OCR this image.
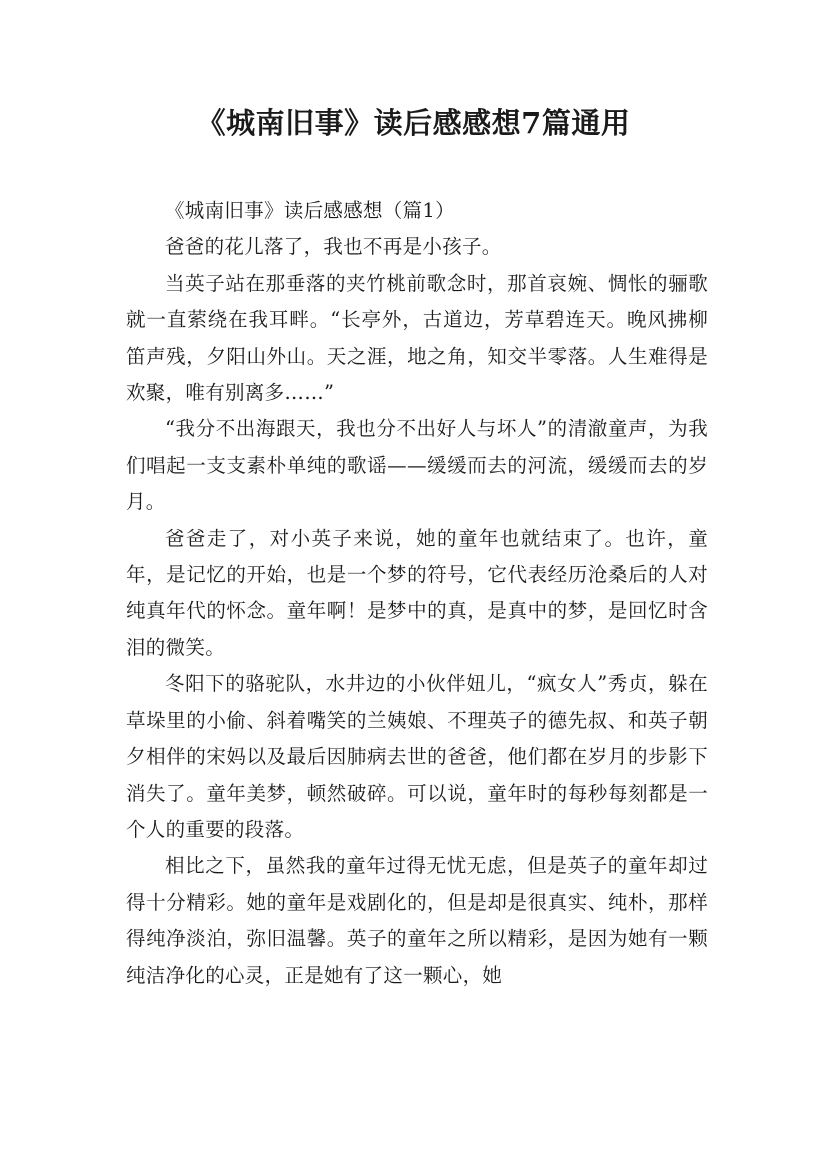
《城南旧事》读后感感想7篇通用
《城南旧事》读后感感想（篇1）

爸爸的花儿落了，我也不再是小孩子。

当英子站在那垂落的夹竹桃前歌念时，那首哀婉、惆怅的骊歌就一直萦绕在我耳畔。“长亭外，古道边，芳草碧连天。晚风拂柳笛声残，夕阳山外山。天之涯，地之角，知交半零落。人生难得是欢聚，唯有别离多……”

“我分不出海跟天，我也分不出好人与坏人”的清澈童声，为我们唱起一支支素朴单纯的歌谣——缓缓而去的河流，缓缓而去的岁月。

爸爸走了，对小英子来说，她的童年也就结束了。也许，童年，是记忆的开始，也是一个梦的符号，它代表经历沧桑后的人对纯真年代的怀念。童年啊！是梦中的真，是真中的梦，是回忆时含泪的微笑。

冬阳下的骆驼队，水井边的小伙伴妞儿，“疯女人”秀贞，躲在草垛里的小偷、斜着嘴笑的兰姨娘、不理英子的德先叔、和英子朝夕相伴的宋妈以及最后因肺病去世的爸爸，他们都在岁月的步影下消失了。童年美梦，顿然破碎。可以说，童年时的每秒每刻都是一个人的重要的段落。

相比之下，虽然我的童年过得无忧无虑，但是英子的童年却过得十分精彩。她的童年是戏剧化的，但是却是很真实、纯朴，那样得纯净淡泊，弥旧温馨。英子的童年之所以精彩，是因为她有一颗纯洁净化的心灵，正是她有了这一颗心，她
